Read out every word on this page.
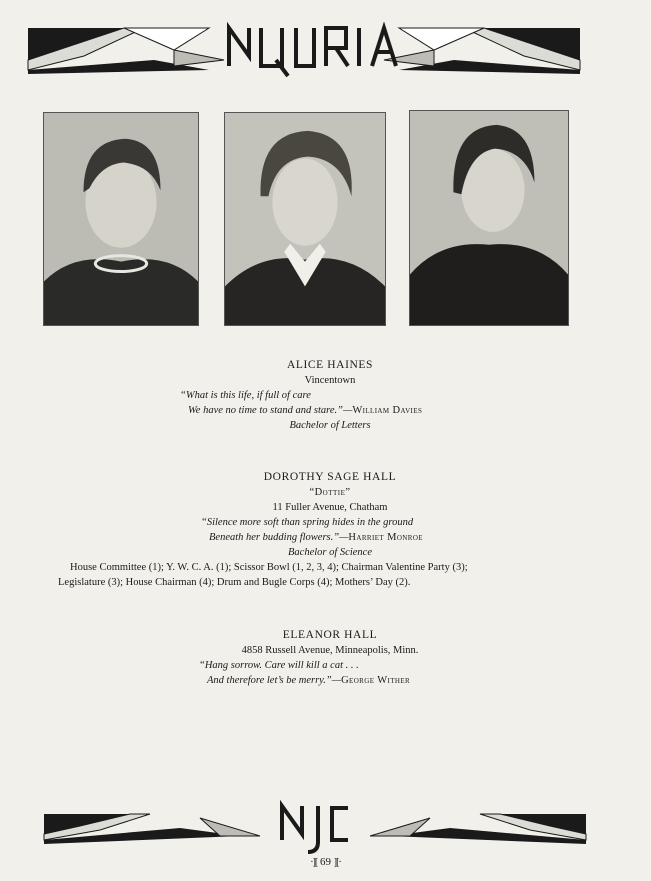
ALICE HAINES
Vincentown
“What is this life, if full of care
We have no time to stand and stare.”—William Davies
Bachelor of Letters
DOROTHY SAGE HALL
“Dottie”
11 Fuller Avenue, Chatham
“Silence more soft than spring hides in the ground
Beneath her budding flowers.”—Harriet Monroe
Bachelor of Science
House Committee (1); Y. W. C. A. (1); Scissor Bowl (1, 2, 3, 4); Chairman Valentine Party (3);
Legislature (3); House Chairman (4); Drum and Bugle Corps (4); Mothers’ Day (2).
ELEANOR HALL
4858 Russell Avenue, Minneapolis, Minn.
“Hang sorrow. Care will kill a cat . . .
And therefore let’s be merry.”—George Wither
·][ 69 ][·
